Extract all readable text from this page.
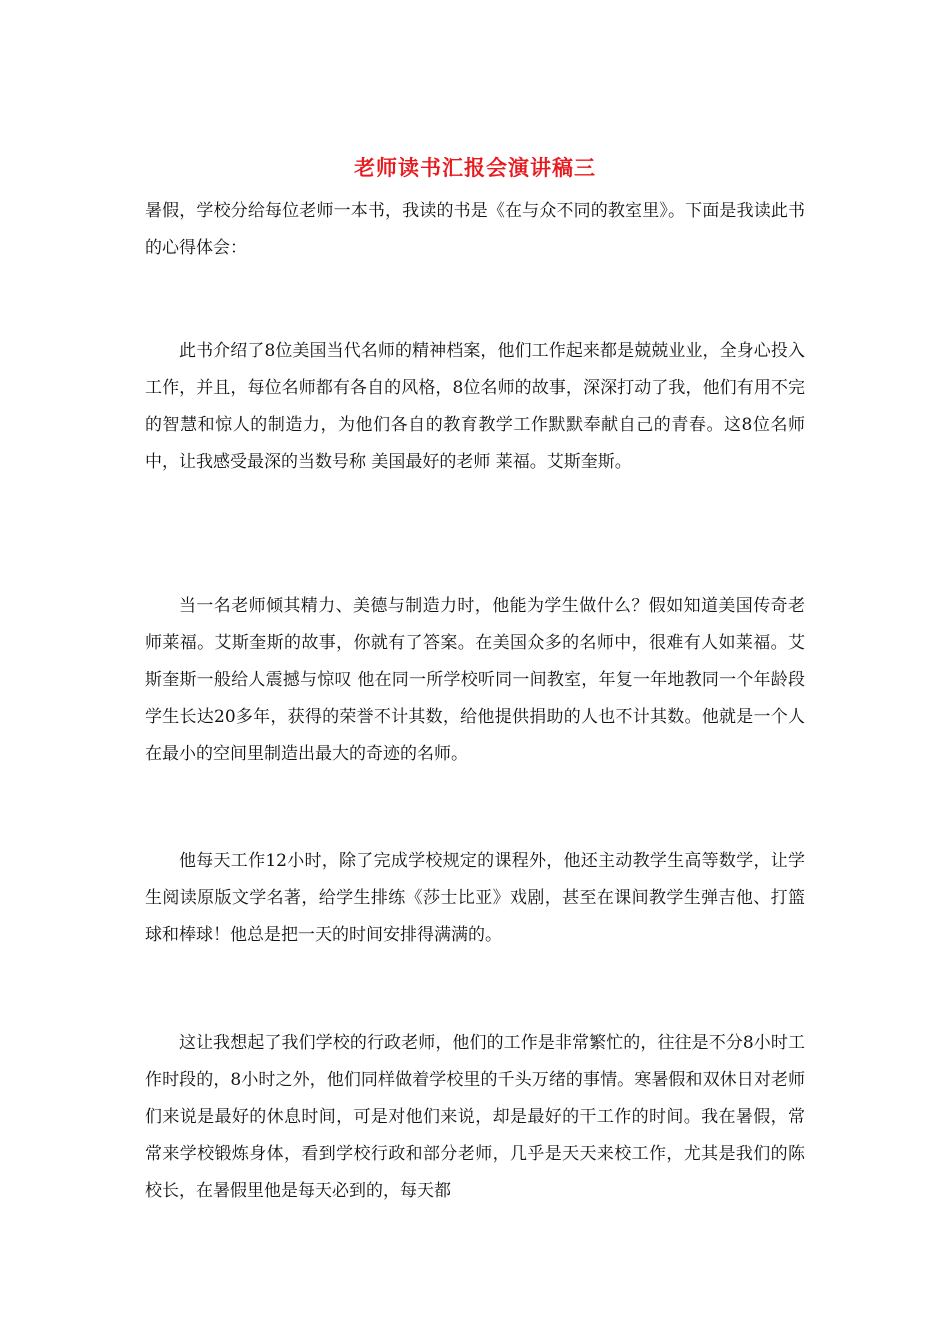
老师读书汇报会演讲稿三

暑假，学校分给每位老师一本书，我读的书是《在与众不同的教室里》。下面是我读此书的心得体会：

此书介绍了8位美国当代名师的精神档案，他们工作起来都是兢兢业业，全身心投入工作，并且，每位名师都有各自的风格，8位名师的故事，深深打动了我，他们有用不完的智慧和惊人的制造力，为他们各自的教育教学工作默默奉献自己的青春。这8位名师中，让我感受最深的当数号称 美国最好的老师 莱福。艾斯奎斯。

当一名老师倾其精力、美德与制造力时，他能为学生做什么？假如知道美国传奇老师莱福。艾斯奎斯的故事，你就有了答案。在美国众多的名师中，很难有人如莱福。艾斯奎斯一般给人震撼与惊叹 他在同一所学校听同一间教室，年复一年地教同一个年龄段学生长达20多年，获得的荣誉不计其数，给他提供捐助的人也不计其数。他就是一个人在最小的空间里制造出最大的奇迹的名师。

他每天工作12小时，除了完成学校规定的课程外，他还主动教学生高等数学，让学生阅读原版文学名著，给学生排练《莎士比亚》戏剧，甚至在课间教学生弹吉他、打篮球和棒球！他总是把一天的时间安排得满满的。

这让我想起了我们学校的行政老师，他们的工作是非常繁忙的，往往是不分8小时工作时段的，8小时之外，他们同样做着学校里的千头万绪的事情。寒暑假和双休日对老师们来说是最好的休息时间，可是对他们来说，却是最好的干工作的时间。我在暑假，常常来学校锻炼身体，看到学校行政和部分老师，几乎是天天来校工作，尤其是我们的陈校长，在暑假里他是每天必到的，每天都
